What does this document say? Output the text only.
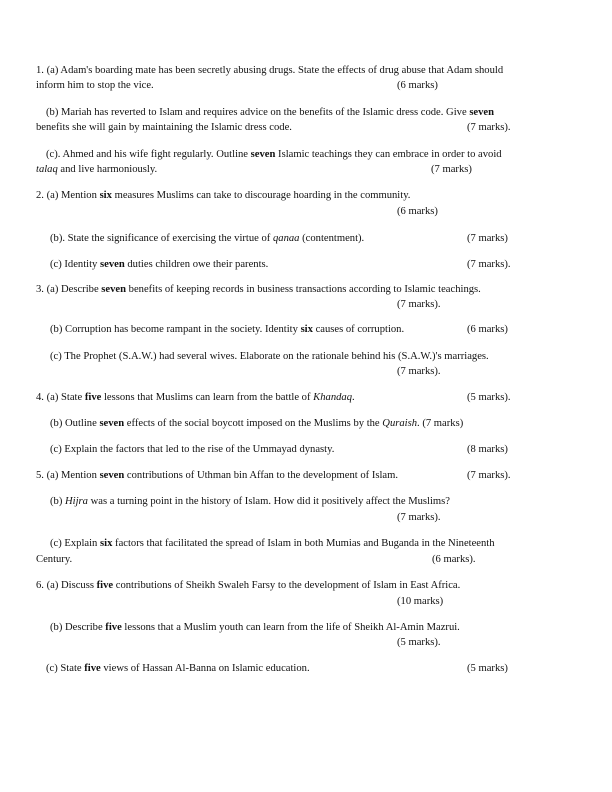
1. (a) Adam's boarding mate has been secretly abusing drugs. State the effects of drug abuse that Adam should
inform him to stop the vice.	(6 marks)
(b) Mariah has reverted to Islam and requires advice on the benefits of the Islamic dress code. Give seven
benefits she will gain by maintaining the Islamic dress code.	(7 marks).
(c). Ahmed and his wife fight regularly. Outline seven Islamic teachings they can embrace in order to avoid
talaq and live harmoniously.	(7 marks)
2. (a) Mention six measures Muslims can take to discourage hoarding in the community.
(6 marks)
(b). State the significance of exercising the virtue of qanaa (contentment).	(7 marks)
(c) Identity seven duties children owe their parents.	(7 marks).
3. (a) Describe seven benefits of keeping records in business transactions according to Islamic teachings.
(7 marks).
(b) Corruption has become rampant in the society. Identity six causes of corruption.	(6 marks)
(c) The Prophet (S.A.W.) had several wives. Elaborate on the rationale behind his (S.A.W.)'s marriages.
(7 marks).
4. (a) State five lessons that Muslims can learn from the battle of Khandaq.	(5 marks).
(b) Outline seven effects of the social boycott imposed on the Muslims by the Quraish. (7 marks)
(c) Explain the factors that led to the rise of the Ummayad dynasty.	(8 marks)
5. (a) Mention seven contributions of Uthman bin Affan to the development of Islam.	(7 marks).
(b) Hijra was a turning point in the history of Islam. How did it positively affect the Muslims?
(7 marks).
(c) Explain six factors that facilitated the spread of Islam in both Mumias and Buganda in the Nineteenth
Century.	(6 marks).
6. (a) Discuss five contributions of Sheikh Swaleh Farsy to the development of Islam in East Africa.
(10 marks)
(b) Describe five lessons that a Muslim youth can learn from the life of Sheikh Al-Amin Mazrui.
(5 marks).
(c) State five views of Hassan Al-Banna on Islamic education.	(5 marks)
